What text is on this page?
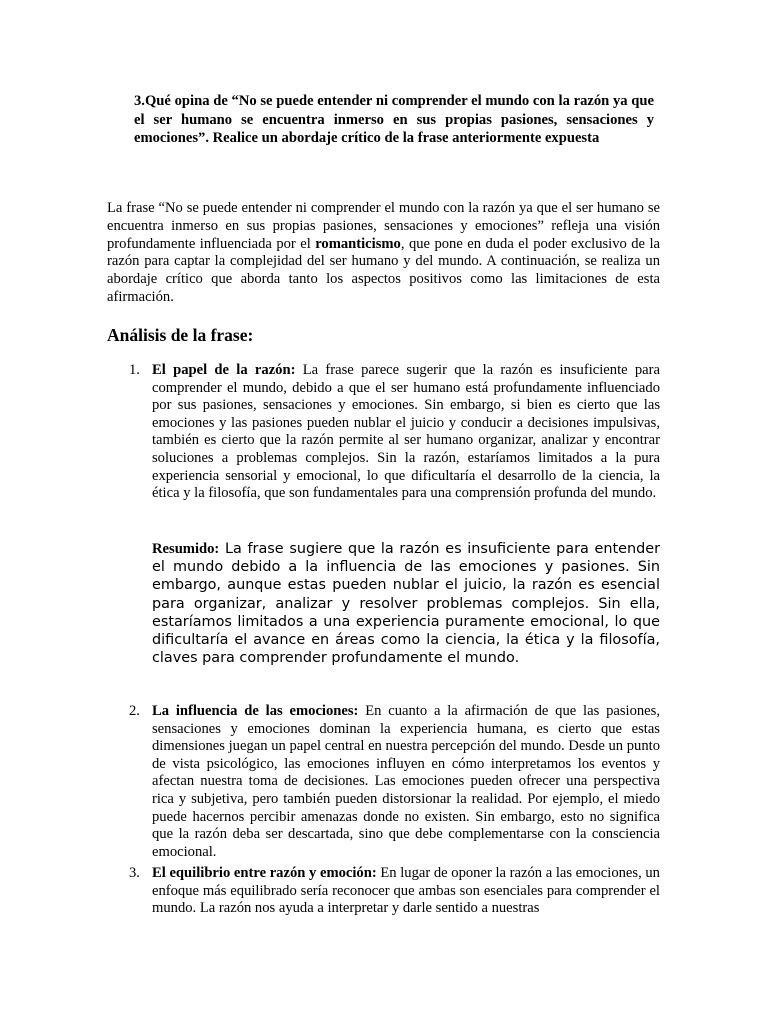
3.Qué opina de “No se puede entender ni comprender el mundo con la razón ya que el ser humano se encuentra inmerso en sus propias pasiones, sensaciones y emociones”. Realice un abordaje crítico de la frase anteriormente expuesta
La frase “No se puede entender ni comprender el mundo con la razón ya que el ser humano se encuentra inmerso en sus propias pasiones, sensaciones y emociones” refleja una visión profundamente influenciada por el romanticismo, que pone en duda el poder exclusivo de la razón para captar la complejidad del ser humano y del mundo. A continuación, se realiza un abordaje crítico que aborda tanto los aspectos positivos como las limitaciones de esta afirmación.
Análisis de la frase:
1. El papel de la razón: La frase parece sugerir que la razón es insuficiente para comprender el mundo, debido a que el ser humano está profundamente influenciado por sus pasiones, sensaciones y emociones. Sin embargo, si bien es cierto que las emociones y las pasiones pueden nublar el juicio y conducir a decisiones impulsivas, también es cierto que la razón permite al ser humano organizar, analizar y encontrar soluciones a problemas complejos. Sin la razón, estaríamos limitados a la pura experiencia sensorial y emocional, lo que dificultaría el desarrollo de la ciencia, la ética y la filosofía, que son fundamentales para una comprensión profunda del mundo.
Resumido: La frase sugiere que la razón es insuficiente para entender el mundo debido a la influencia de las emociones y pasiones. Sin embargo, aunque estas pueden nublar el juicio, la razón es esencial para organizar, analizar y resolver problemas complejos. Sin ella, estaríamos limitados a una experiencia puramente emocional, lo que dificultaría el avance en áreas como la ciencia, la ética y la filosofía, claves para comprender profundamente el mundo.
2. La influencia de las emociones: En cuanto a la afirmación de que las pasiones, sensaciones y emociones dominan la experiencia humana, es cierto que estas dimensiones juegan un papel central en nuestra percepción del mundo. Desde un punto de vista psicológico, las emociones influyen en cómo interpretamos los eventos y afectan nuestra toma de decisiones. Las emociones pueden ofrecer una perspectiva rica y subjetiva, pero también pueden distorsionar la realidad. Por ejemplo, el miedo puede hacernos percibir amenazas donde no existen. Sin embargo, esto no significa que la razón deba ser descartada, sino que debe complementarse con la consciencia emocional.
3. El equilibrio entre razón y emoción: En lugar de oponer la razón a las emociones, un enfoque más equilibrado sería reconocer que ambas son esenciales para comprender el mundo. La razón nos ayuda a interpretar y darle sentido a nuestras
